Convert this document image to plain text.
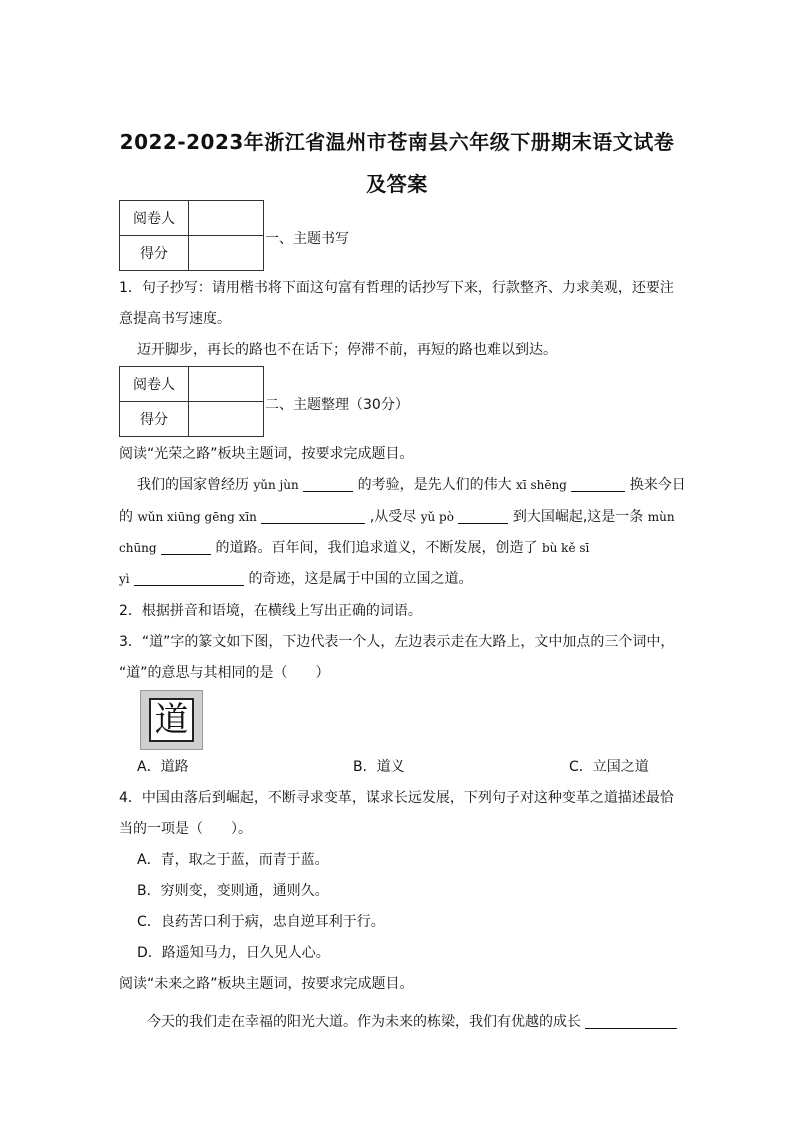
2022-2023年浙江省温州市苍南县六年级下册期末语文试卷
及答案
阅卷人	
得分	
一、主题书写
1．句子抄写：请用楷书将下面这句富有哲理的话抄写下来，行款整齐、力求美观，还要注
意提高书写速度。
迈开脚步，再长的路也不在话下；停滞不前，再短的路也难以到达。
阅卷人	
得分	
二、主题整理（30分）
阅读“光荣之路”板块主题词，按要求完成题目。
我们的国家曾经历 yǔn jùn	的考验，是先人们的伟大 xī shēng	换来今日
的 wǔn xiūng gēng xīn	,从受尽 yǔ pò	到大国崛起,这是一条 mùn
chūng	的道路。百年间，我们追求道义，不断发展，创造了 bù kě sī
yì	的奇迹，这是属于中国的立国之道。
2．根据拼音和语境，在横线上写出正确的词语。
3．“道”字的篆文如下图，下边代表一个人，左边表示走在大路上，文中加点的三个词中，
“道”的意思与其相同的是（　　）
道
A．道路	B．道义	C．立国之道
4．中国由落后到崛起，不断寻求变革，谋求长远发展，下列句子对这种变革之道描述最恰
当的一项是（　　）。
A．青，取之于蓝，而青于蓝。
B．穷则变，变则通，通则久。
C．良药苦口利于病，忠自逆耳利于行。
D．路遥知马力，日久见人心。
阅读“未来之路”板块主题词，按要求完成题目。
今天的我们走在幸福的阳光大道。作为未来的栋梁，我们有优越的成长
